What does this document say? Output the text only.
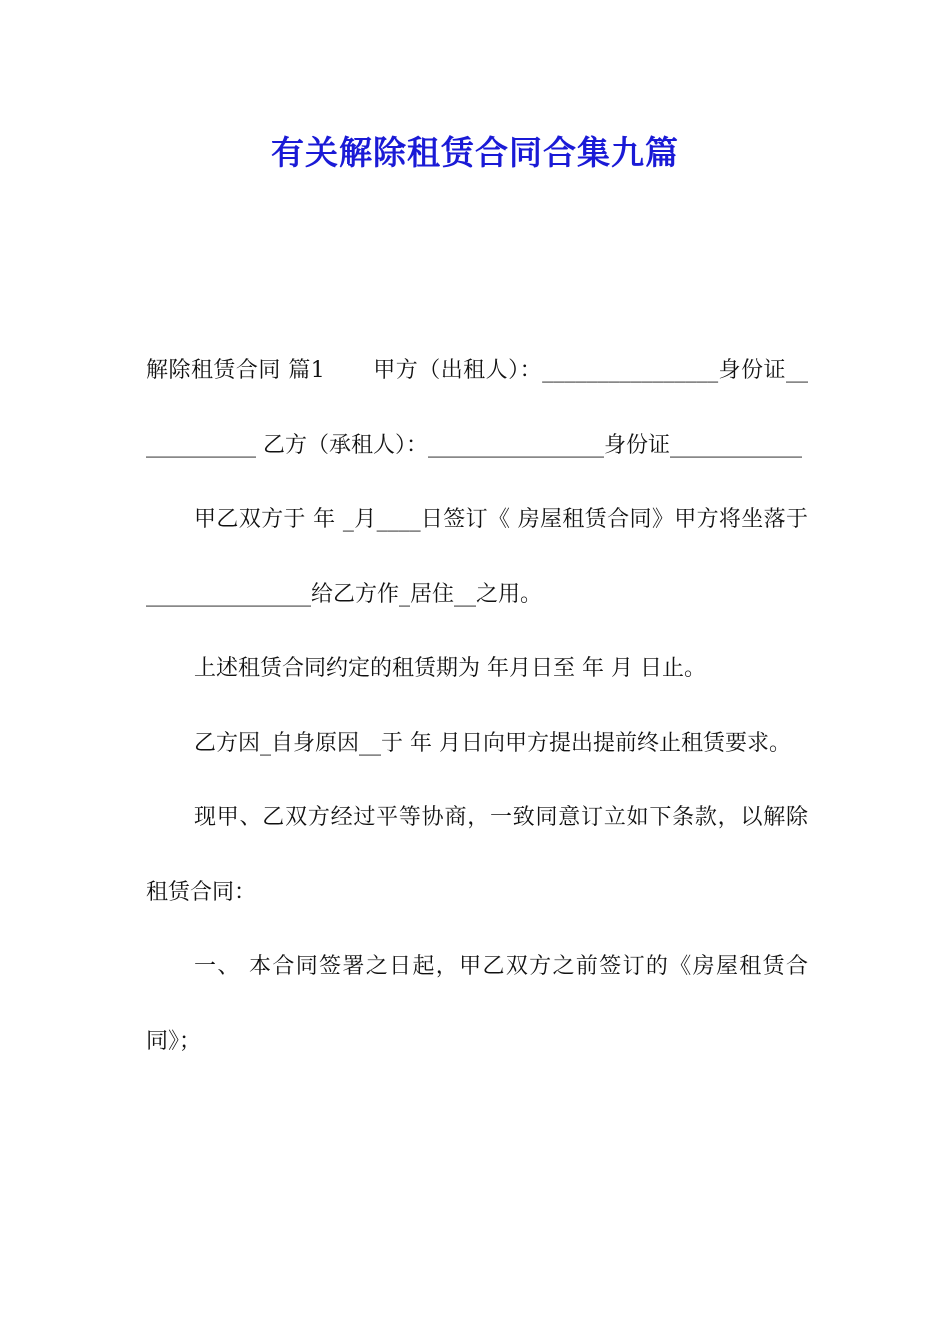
有关解除租赁合同合集九篇

解除租赁合同 篇1 甲方（出租人）：________________身份证____________ 乙方（承租人）：________________身份证____________

甲乙双方于 年 _月____日签订《 房屋租赁合同》甲方将坐落于_______________给乙方作_居住__之用。

上述租赁合同约定的租赁期为 年月日至 年 月 日止。

乙方因_自身原因__于 年 月日向甲方提出提前终止租赁要求。

现甲、乙双方经过平等协商，一致同意订立如下条款，以解除租赁合同：

一、 本合同签署之日起，甲乙双方之前签订的《房屋租赁合同》；
